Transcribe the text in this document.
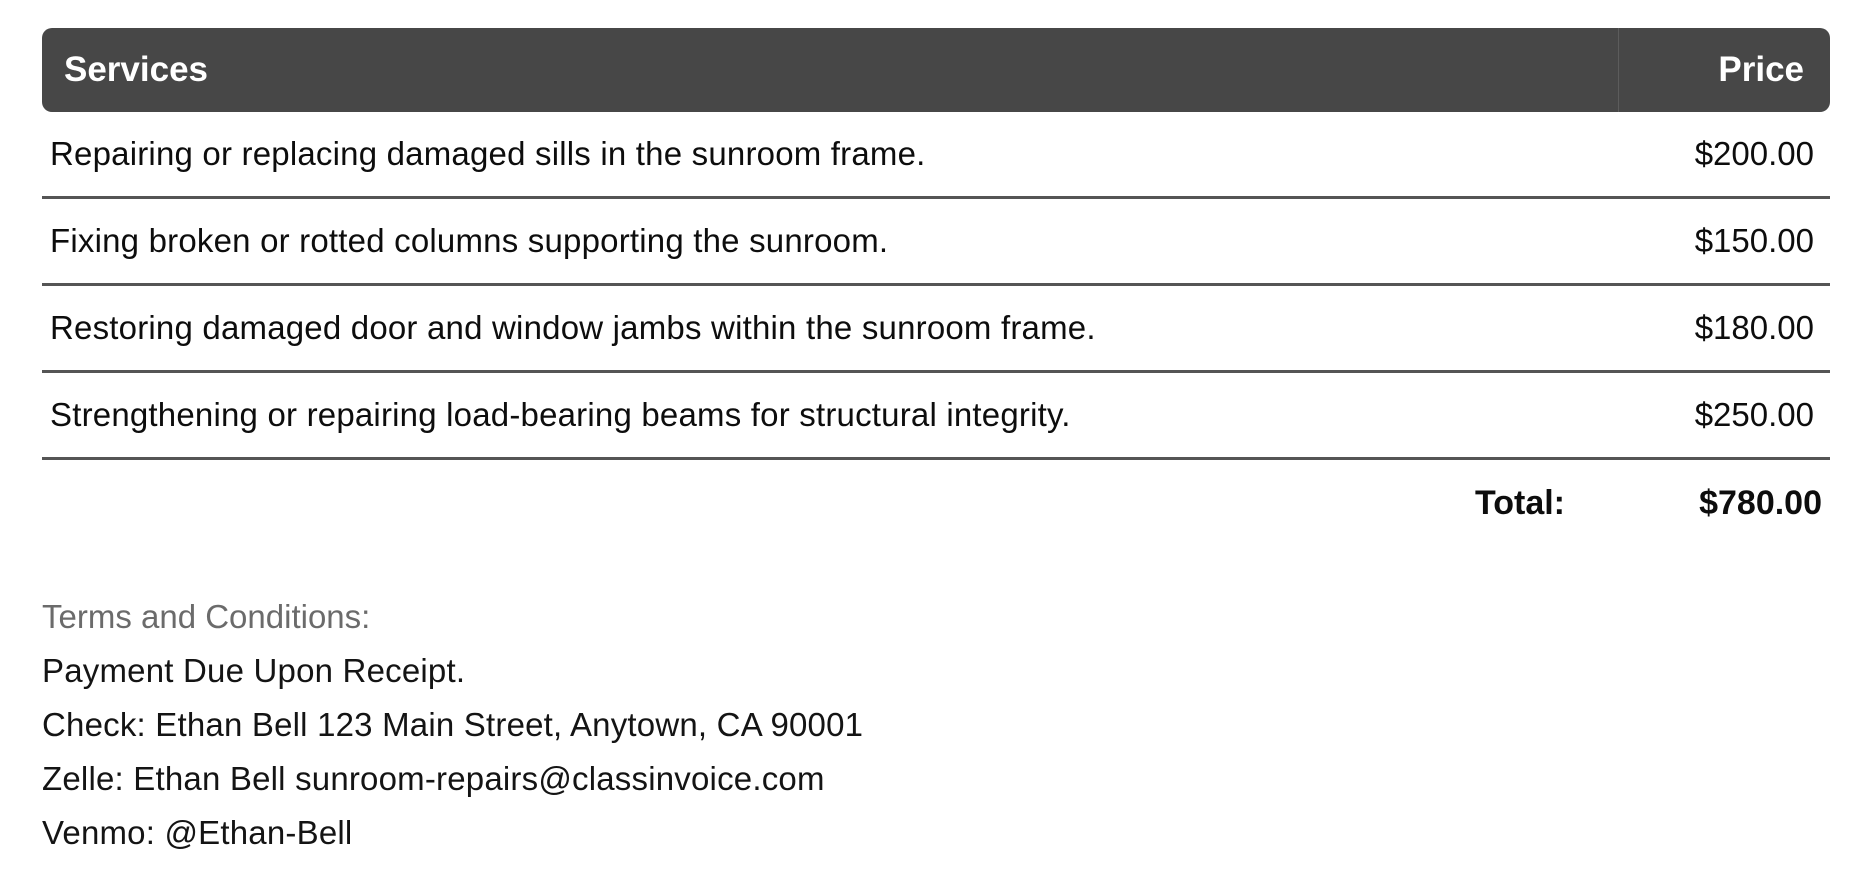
Services	Price
Repairing or replacing damaged sills in the sunroom frame.	$200.00
Fixing broken or rotted columns supporting the sunroom.	$150.00
Restoring damaged door and window jambs within the sunroom frame.	$180.00
Strengthening or repairing load-bearing beams for structural integrity.	$250.00
Total:	$780.00
Terms and Conditions:
Payment Due Upon Receipt.
Check: Ethan Bell 123 Main Street, Anytown, CA 90001
Zelle: Ethan Bell sunroom-repairs@classinvoice.com
Venmo: @Ethan-Bell
